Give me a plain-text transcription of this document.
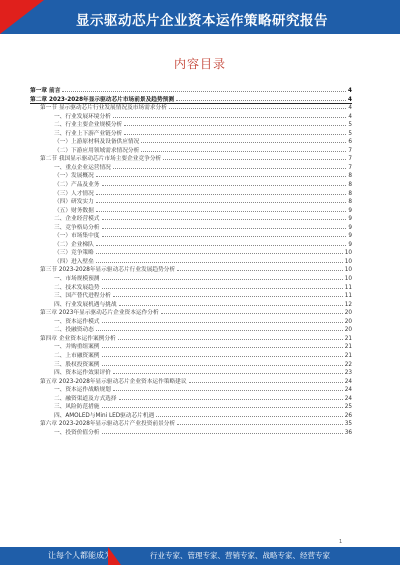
显示驱动芯片企业资本运作策略研究报告
内容目录
第一章 前言	4
第二章 2023-2028年显示驱动芯片市场前景及趋势预测	4
第一节 显示驱动芯片行业发展情况及市场需求分析	4
一、行业发展环境分析	4
二、行业主要企业规模分析	5
三、行业上下游产业链分析	5
（一）上游原材料及设备供应情况	6
（二）下游应用领域需求情况分析	7
第二节 我国显示驱动芯片市场主要企业竞争分析	7
一、重点企业运营情况	7
（一）发展概况	8
（二）产品及业务	8
（三）人才情况	8
（四）研发实力	8
（五）财务数据	9
二、企业经营模式	9
三、竞争格局分析	9
（一）市场集中度	9
（二）企业梯队	9
（三）竞争策略	10
（四）进入壁垒	10
第三节 2023-2028年显示驱动芯片行业发展趋势分析	10
一、市场规模预测	10
二、技术发展趋势	11
三、国产替代进程分析	11
四、行业发展机遇与挑战	12
第三章 2023年显示驱动芯片企业资本运作分析	20
一、资本运作模式	20
二、投融资动态	20
第四章 企业资本运作案例分析	21
一、并购重组案例	21
二、上市融资案例	21
三、股权投资案例	22
四、资本运作效果评价	23
第五章 2023-2028年显示驱动芯片企业资本运作策略建议	24
一、资本运作战略规划	24
二、融资渠道及方式选择	24
三、风险防范措施	25
四、AMOLED与Mini LED驱动芯片机遇	26
第六章 2023-2028年显示驱动芯片产业投资前景分析	35
一、投资价值分析	36
1
让每个人都能成为	行业专家、管理专家、营销专家、战略专家、经营专家
